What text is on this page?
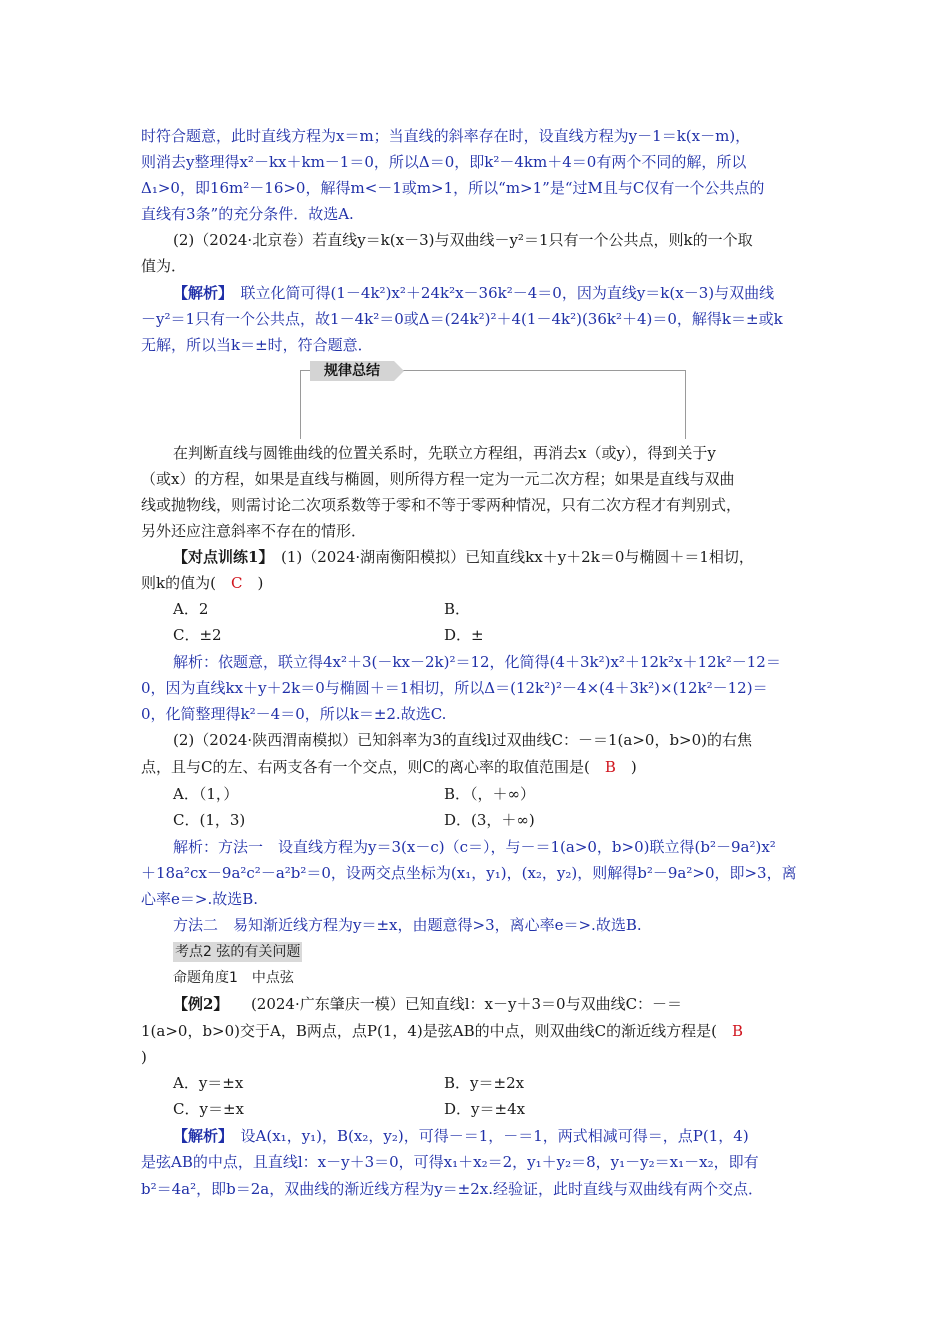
时符合题意，此时直线方程为x＝m；当直线的斜率存在时，设直线方程为y－1＝k(x－m)，
则消去y整理得x²－kx＋km－1＝0，所以Δ＝0，即k²－4km＋4＝0有两个不同的解，所以
Δ₁>0，即16m²－16>0，解得m<－1或m>1，所以“m>1”是“过M且与C仅有一个公共点的
直线有3条”的充分条件．故选A.
(2)（2024·北京卷）若直线y＝k(x－3)与双曲线－y²＝1只有一个公共点，则k的一个取
值为．
【解析】　 联立化简可得(1－4k²)x²＋24k²x－36k²－4＝0，因为直线y＝k(x－3)与双曲线
－y²＝1只有一个公共点，故1－4k²＝0或Δ＝(24k²)²＋4(1－4k²)(36k²＋4)＝0，解得k＝±或k
无解，所以当k＝±时，符合题意．
规律总结
在判断直线与圆锥曲线的位置关系时，先联立方程组，再消去x（或y），得到关于y
（或x）的方程，如果是直线与椭圆，则所得方程一定为一元二次方程；如果是直线与双曲
线或抛物线，则需讨论二次项系数等于零和不等于零两种情况，只有二次方程才有判别式，
另外还应注意斜率不存在的情形．
【对点训练1】　 (1)（2024·湖南衡阳模拟）已知直线kx＋y＋2k＝0与椭圆＋＝1相切，
则k的值为(　 C　 )
A．2	B．
C．±2	D．±
解析：依题意，联立得4x²＋3(－kx－2k)²＝12，化简得(4＋3k²)x²＋12k²x＋12k²－12＝
0，因为直线kx＋y＋2k＝0与椭圆＋＝1相切，所以Δ＝(12k²)²－4×(4＋3k²)×(12k²－12)＝
0，化简整理得k²－4＝0，所以k＝±2.故选C.
(2)（2024·陕西渭南模拟）已知斜率为3的直线l过双曲线C：－＝1(a>0，b>0)的右焦
点，且与C的左、右两支各有一个交点，则C的离心率的取值范围是(　 B　 )
A．（1，）	B．（，＋∞）
C．(1，3)	D．(3，＋∞)
解析：方法一　设直线方程为y＝3(x－c)（c＝），与－＝1(a>0，b>0)联立得(b²－9a²)x²
＋18a²cx－9a²c²－a²b²＝0，设两交点坐标为(x₁，y₁)，(x₂，y₂)，则解得b²－9a²>0，即>3，离
心率e＝>.故选B.
方法二　易知渐近线方程为y＝±x，由题意得>3，离心率e＝>.故选B.
考点2 弦的有关问题
命题角度1　中点弦
【例2】　　 (2024·广东肇庆一模）已知直线l：x－y＋3＝0与双曲线C：－＝
1(a>0，b>0)交于A，B两点，点P(1，4)是弦AB的中点，则双曲线C的渐近线方程是(　 B
)
A．y＝±x	B．y＝±2x
C．y＝±x	D．y＝±4x
【解析】　 设A(x₁，y₁)，B(x₂，y₂)，可得－＝1，－＝1，两式相减可得＝，点P(1，4)
是弦AB的中点，且直线l：x－y＋3＝0，可得x₁＋x₂＝2，y₁＋y₂＝8，y₁－y₂＝x₁－x₂，即有
b²＝4a²，即b＝2a，双曲线的渐近线方程为y＝±2x.经验证，此时直线与双曲线有两个交点．
